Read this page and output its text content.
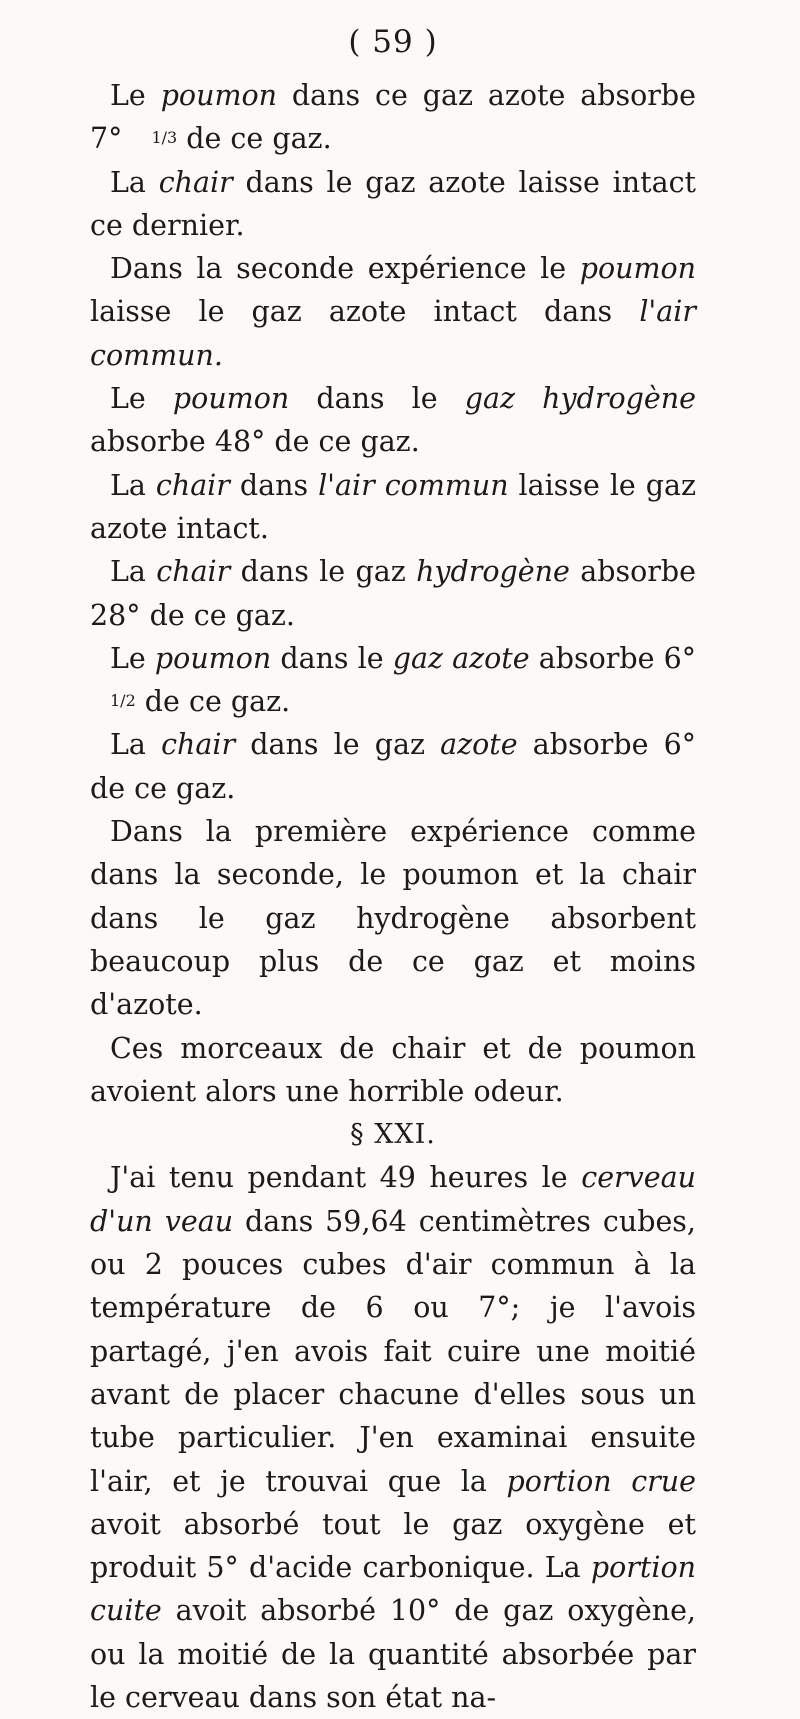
( 59 )

Le poumon dans ce gaz azote absorbe 7° 1/3 de ce gaz.

La chair dans le gaz azote laisse intact ce dernier.

Dans la seconde expérience le poumon laisse le gaz azote intact dans l'air commun.

Le poumon dans le gaz hydrogène absorbe 48° de ce gaz.

La chair dans l'air commun laisse le gaz azote intact.

La chair dans le gaz hydrogène absorbe 28° de ce gaz.

Le poumon dans le gaz azote absorbe 6° 1/2 de ce gaz.

La chair dans le gaz azote absorbe 6° de ce gaz.

Dans la première expérience comme dans la seconde, le poumon et la chair dans le gaz hydrogène absorbent beaucoup plus de ce gaz et moins d'azote.

Ces morceaux de chair et de poumon avoient alors une horrible odeur.

§ XXI.

J'ai tenu pendant 49 heures le cerveau d'un veau dans 59,64 centimètres cubes, ou 2 pouces cubes d'air commun à la température de 6 ou 7°; je l'avois partagé, j'en avois fait cuire une moitié avant de placer chacune d'elles sous un tube particulier. J'en examinai ensuite l'air, et je trouvai que la portion crue avoit absorbé tout le gaz oxygène et produit 5° d'acide carbonique. La portion cuite avoit absorbé 10° de gaz oxygène, ou la moitié de la quantité absorbée par le cerveau dans son état na-
